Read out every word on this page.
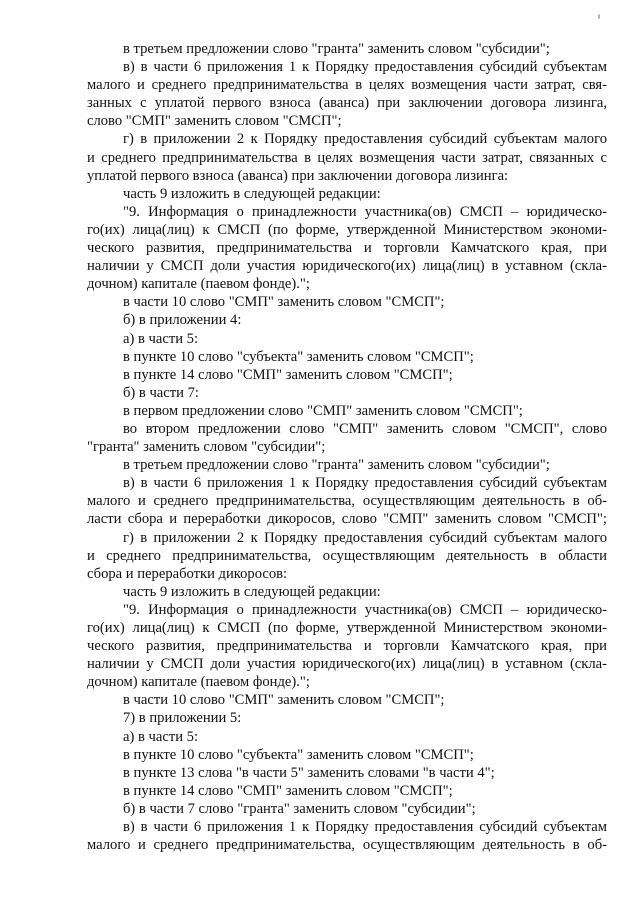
в третьем предложении слово "гранта" заменить словом "субсидии";
в) в части 6 приложения 1 к Порядку предоставления субсидий субъектам
малого и среднего предпринимательства в целях возмещения части затрат, свя-
занных с уплатой первого взноса (аванса) при заключении договора лизинга,
слово "СМП" заменить словом "СМСП";
г) в приложении 2 к Порядку предоставления субсидий субъектам малого
и среднего предпринимательства в целях возмещения части затрат, связанных с
уплатой первого взноса (аванса) при заключении договора лизинга:
часть 9 изложить в следующей редакции:
"9. Информация о принадлежности участника(ов) СМСП – юридическо-
го(их) лица(лиц) к СМСП (по форме, утвержденной Министерством экономи-
ческого развития, предпринимательства и торговли Камчатского края, при
наличии у СМСП доли участия юридического(их) лица(лиц) в уставном (скла-
дочном) капитале (паевом фонде).";
в части 10 слово "СМП" заменить словом "СМСП";
б) в приложении 4:
а) в части 5:
в пункте 10 слово "субъекта" заменить словом "СМСП";
в пункте 14 слово "СМП" заменить словом "СМСП";
б) в части 7:
в первом предложении слово "СМП" заменить словом "СМСП";
во втором предложении слово "СМП" заменить словом "СМСП", слово
"гранта" заменить словом "субсидии";
в третьем предложении слово "гранта" заменить словом "субсидии";
в) в части 6 приложения 1 к Порядку предоставления субсидий субъектам
малого и среднего предпринимательства, осуществляющим деятельность в об-
ласти сбора и переработки дикоросов, слово "СМП" заменить словом "СМСП";
г) в приложении 2 к Порядку предоставления субсидий субъектам малого
и среднего предпринимательства, осуществляющим деятельность в области
сбора и переработки дикоросов:
часть 9 изложить в следующей редакции:
"9. Информация о принадлежности участника(ов) СМСП – юридическо-
го(их) лица(лиц) к СМСП (по форме, утвержденной Министерством экономи-
ческого развития, предпринимательства и торговли Камчатского края, при
наличии у СМСП доли участия юридического(их) лица(лиц) в уставном (скла-
дочном) капитале (паевом фонде).";
в части 10 слово "СМП" заменить словом "СМСП";
7) в приложении 5:
а) в части 5:
в пункте 10 слово "субъекта" заменить словом "СМСП";
в пункте 13 слова "в части 5" заменить словами "в части 4";
в пункте 14 слово "СМП" заменить словом "СМСП";
б) в части 7 слово "гранта" заменить словом "субсидии";
в) в части 6 приложения 1 к Порядку предоставления субсидий субъектам
малого и среднего предпринимательства, осуществляющим деятельность в об-
